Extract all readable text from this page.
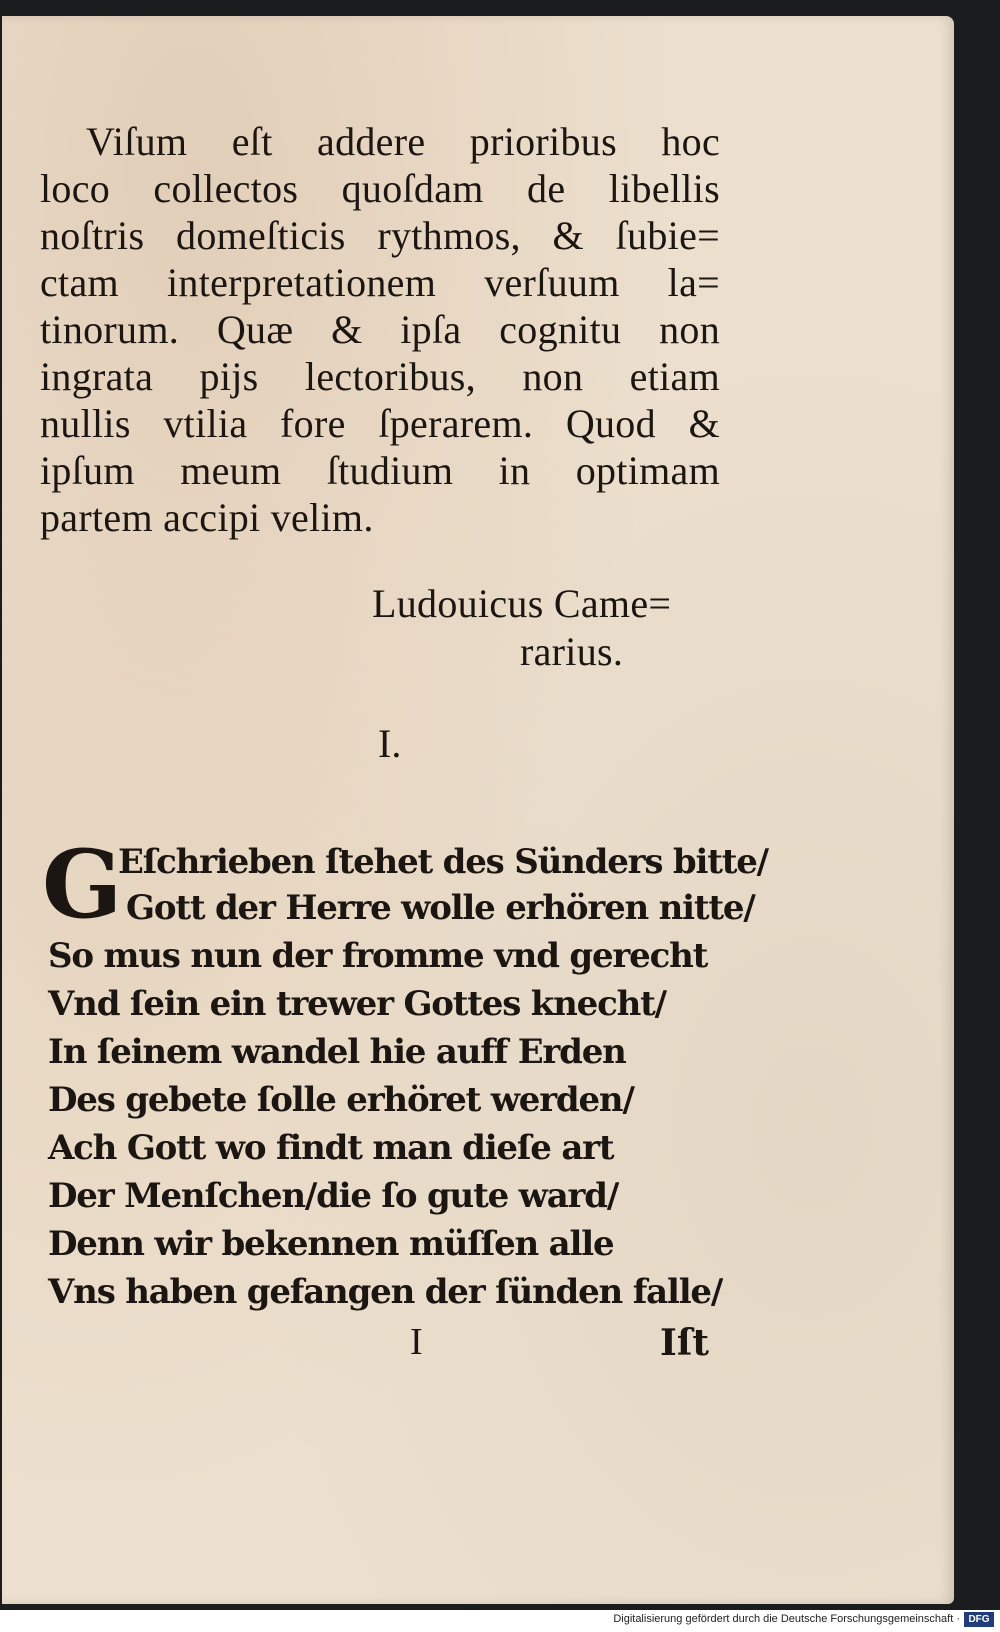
Viſum eſt addere prioribus hoc
loco collectos quoſdam de libellis
noſtris domeſticis rythmos, & ſubie=
ctam interpretationem verſuum la=
tinorum. Quæ & ipſa cognitu non
ingrata pijs lectoribus, non etiam
nullis vtilia fore ſperarem. Quod &
ipſum meum ſtudium in optimam
partem accipi velim.
Ludouicus Came=
rarius.
I.
G
Eſchrieben ſtehet des Sünders bitte/
Gott der Herre wolle erhören nitte/
So mus nun der fromme vnd gerecht
Vnd ſein ein trewer Gottes knecht/
In ſeinem wandel hie auff Erden
Des gebete ſolle erhöret werden/
Ach Gott wo findt man dieſe art
Der Menſchen/die ſo gute ward/
Denn wir bekennen müſſen alle
Vns haben gefangen der ſünden falle/
I	Iſt
Digitalisierung gefördert durch die Deutsche Forschungsgemeinschaft · DFG
